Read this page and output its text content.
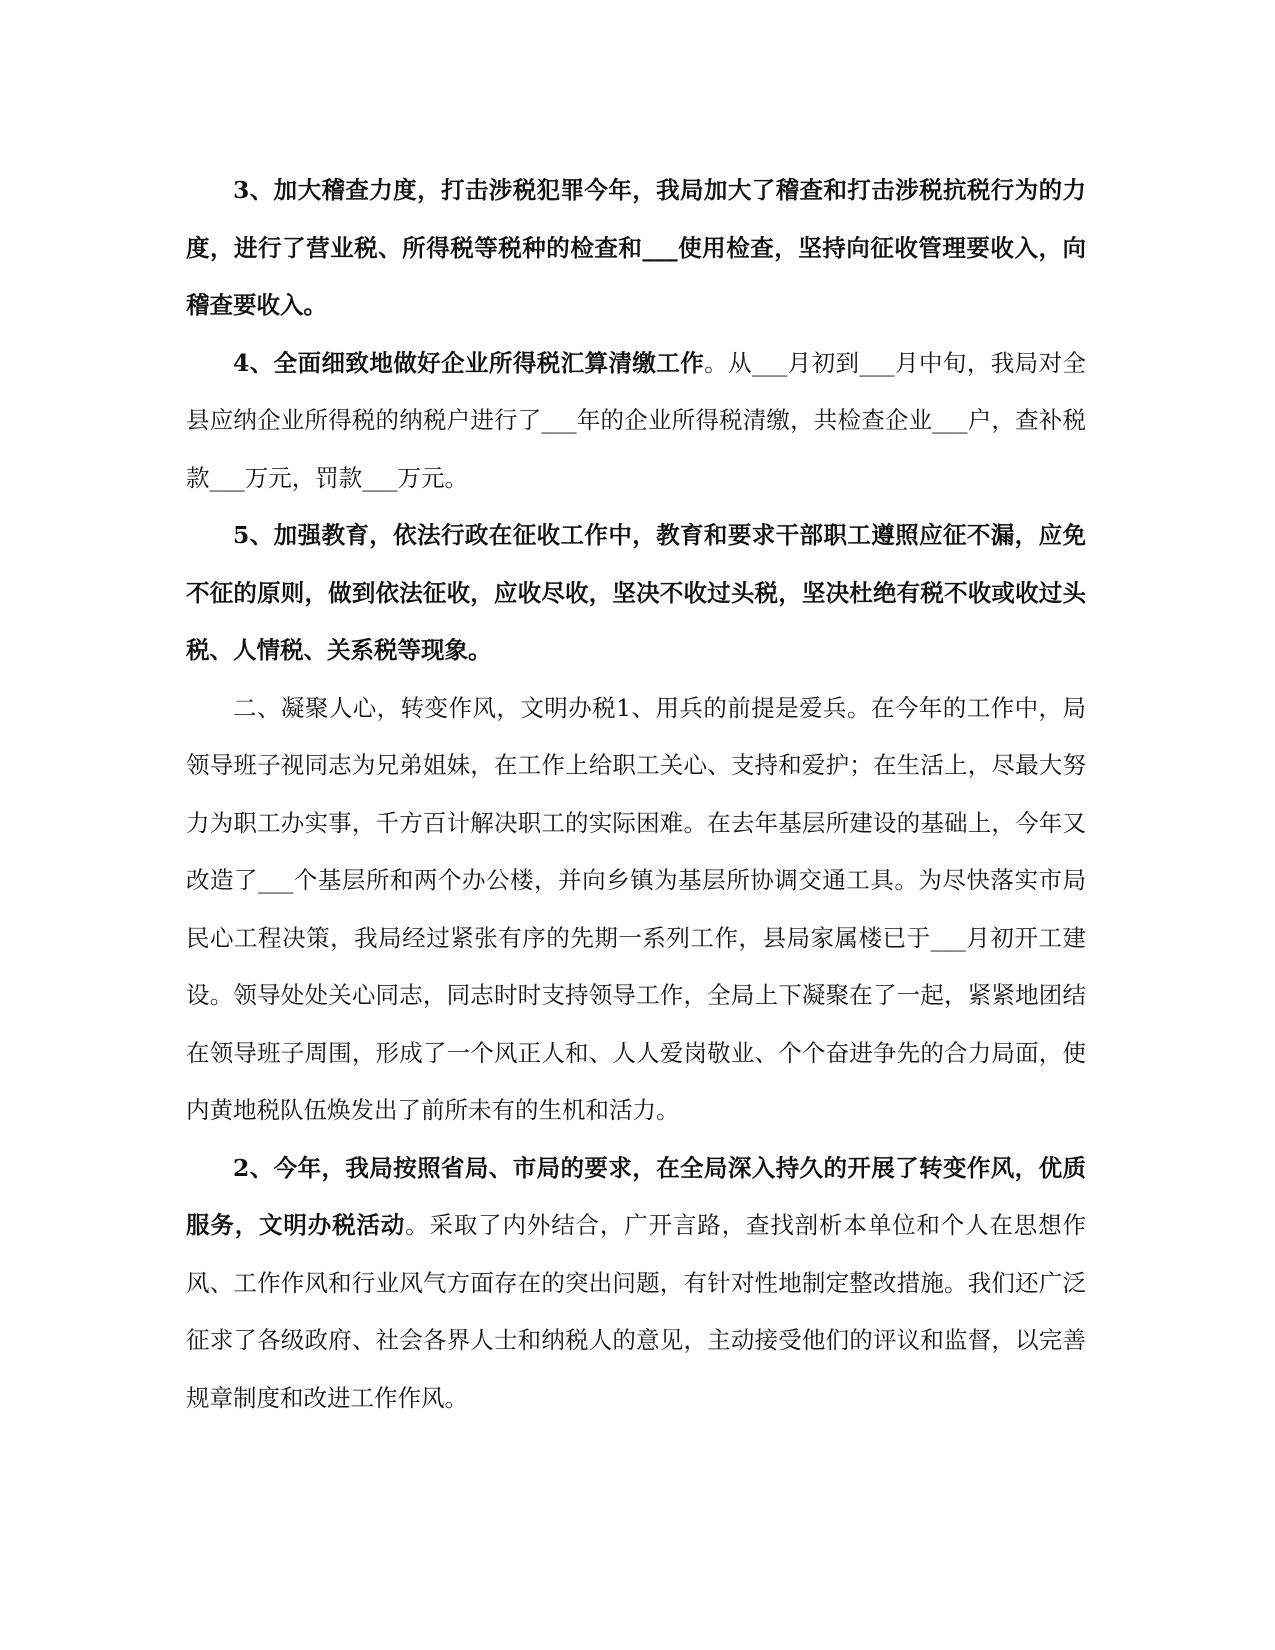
3、加大稽查力度，打击涉税犯罪今年，我局加大了稽查和打击涉税抗税行为的力度，进行了营业税、所得税等税种的检查和___使用检查，坚持向征收管理要收入，向稽查要收入。

4、全面细致地做好企业所得税汇算清缴工作。从___月初到___月中旬，我局对全县应纳企业所得税的纳税户进行了___年的企业所得税清缴，共检查企业___户，查补税款___万元，罚款___万元。

5、加强教育，依法行政在征收工作中，教育和要求干部职工遵照应征不漏，应免不征的原则，做到依法征收，应收尽收，坚决不收过头税，坚决杜绝有税不收或收过头税、人情税、关系税等现象。

二、凝聚人心，转变作风，文明办税1、用兵的前提是爱兵。在今年的工作中，局领导班子视同志为兄弟姐妹，在工作上给职工关心、支持和爱护；在生活上，尽最大努力为职工办实事，千方百计解决职工的实际困难。在去年基层所建设的基础上，今年又改造了___个基层所和两个办公楼，并向乡镇为基层所协调交通工具。为尽快落实市局民心工程决策，我局经过紧张有序的先期一系列工作，县局家属楼已于___月初开工建设。领导处处关心同志，同志时时支持领导工作，全局上下凝聚在了一起，紧紧地团结在领导班子周围，形成了一个风正人和、人人爱岗敬业、个个奋进争先的合力局面，使内黄地税队伍焕发出了前所未有的生机和活力。

2、今年，我局按照省局、市局的要求，在全局深入持久的开展了转变作风，优质服务，文明办税活动。采取了内外结合，广开言路，查找剖析本单位和个人在思想作风、工作作风和行业风气方面存在的突出问题，有针对性地制定整改措施。我们还广泛征求了各级政府、社会各界人士和纳税人的意见，主动接受他们的评议和监督，以完善规章制度和改进工作作风。
